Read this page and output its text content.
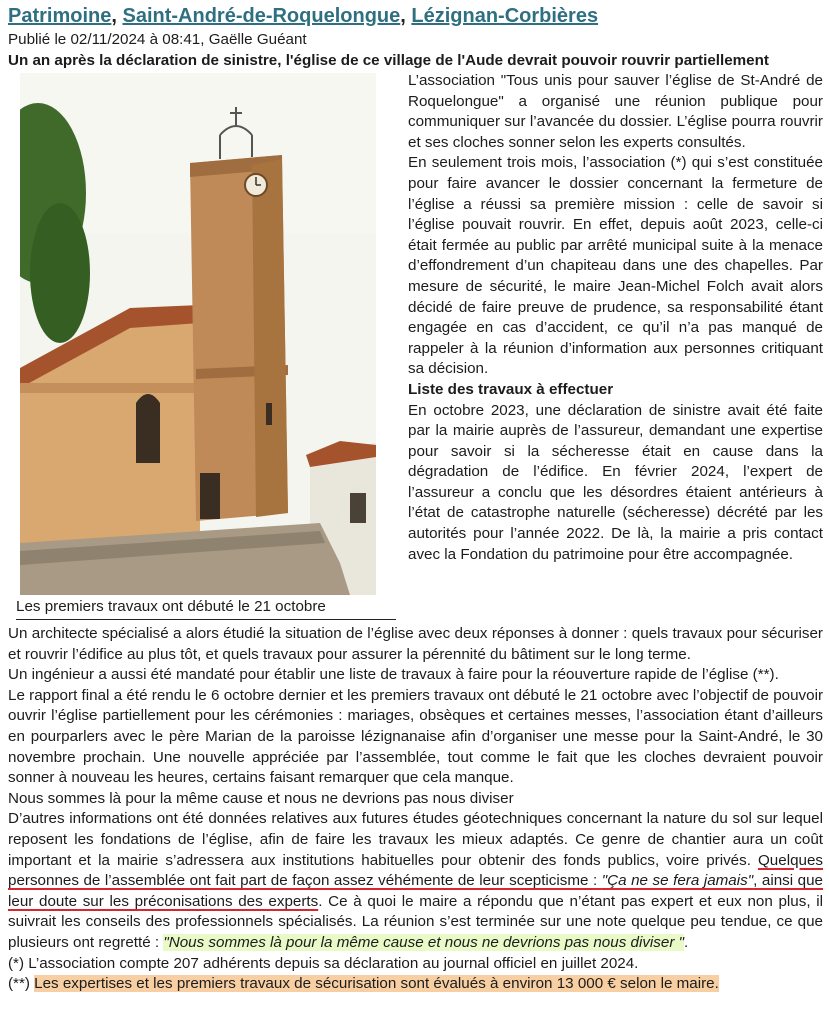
Patrimoine, Saint-André-de-Roquelongue, Lézignan-Corbières
Publié le 02/11/2024 à 08:41, Gaëlle Guéant
Un an après la déclaration de sinistre, l'église de ce village de l'Aude devrait pouvoir rouvrir partiellement
Les premiers travaux ont débuté le 21 octobre

L’association "Tous unis pour sauver l’église de St-André de Roquelongue" a organisé une réunion publique pour communiquer sur l’avancée du dossier. L’église pourra rouvrir et ses cloches sonner selon les experts consultés.

En seulement trois mois, l’association (*) qui s’est constituée pour faire avancer le dossier concernant la fermeture de l’église a réussi sa première mission : celle de savoir si l’église pouvait rouvrir. En effet, depuis août 2023, celle-ci était fermée au public par arrêté municipal suite à la menace d’effondrement d’un chapiteau dans une des chapelles. Par mesure de sécurité, le maire Jean-Michel Folch avait alors décidé de faire preuve de prudence, sa responsabilité étant engagée en cas d’accident, ce qu’il n’a pas manqué de rappeler à la réunion d’information aux personnes critiquant sa décision.

Liste des travaux à effectuer

En octobre 2023, une déclaration de sinistre avait été faite par la mairie auprès de l’assureur, demandant une expertise pour savoir si la sécheresse était en cause dans la dégradation de l’édifice. En février 2024, l’expert de l’assureur a conclu que les désordres étaient antérieurs à l’état de catastrophe naturelle (sécheresse) décrété par les autorités pour l’année 2022. De là, la mairie a pris contact avec la Fondation du patrimoine pour être accompagnée.

Un architecte spécialisé a alors étudié la situation de l’église avec deux réponses à donner : quels travaux pour sécuriser et rouvrir l’édifice au plus tôt, et quels travaux pour assurer la pérennité du bâtiment sur le long terme.

Un ingénieur a aussi été mandaté pour établir une liste de travaux à faire pour la réouverture rapide de l’église (**).

Le rapport final a été rendu le 6 octobre dernier et les premiers travaux ont débuté le 21 octobre avec l’objectif de pouvoir ouvrir l’église partiellement pour les cérémonies : mariages, obsèques et certaines messes, l’association étant d’ailleurs en pourparlers avec le père Marian de la paroisse lézignanaise afin d’organiser une messe pour la Saint-André, le 30 novembre prochain. Une nouvelle appréciée par l’assemblée, tout comme le fait que les cloches devraient pouvoir sonner à nouveau les heures, certains faisant remarquer que cela manque.

Nous sommes là pour la même cause et nous ne devrions pas nous diviser

D’autres informations ont été données relatives aux futures études géotechniques concernant la nature du sol sur lequel reposent les fondations de l’église, afin de faire les travaux les mieux adaptés. Ce genre de chantier aura un coût important et la mairie s’adressera aux institutions habituelles pour obtenir des fonds publics, voire privés. Quelques personnes de l’assemblée ont fait part de façon assez véhémente de leur scepticisme : "Ça ne se fera jamais", ainsi que leur doute sur les préconisations des experts. Ce à quoi le maire a répondu que n’étant pas expert et eux non plus, il suivrait les conseils des professionnels spécialisés. La réunion s’est terminée sur une note quelque peu tendue, ce que plusieurs ont regretté : "Nous sommes là pour la même cause et nous ne devrions pas nous diviser ".

(*) L’association compte 207 adhérents depuis sa déclaration au journal officiel en juillet 2024.

(**) Les expertises et les premiers travaux de sécurisation sont évalués à environ 13 000 € selon le maire.
